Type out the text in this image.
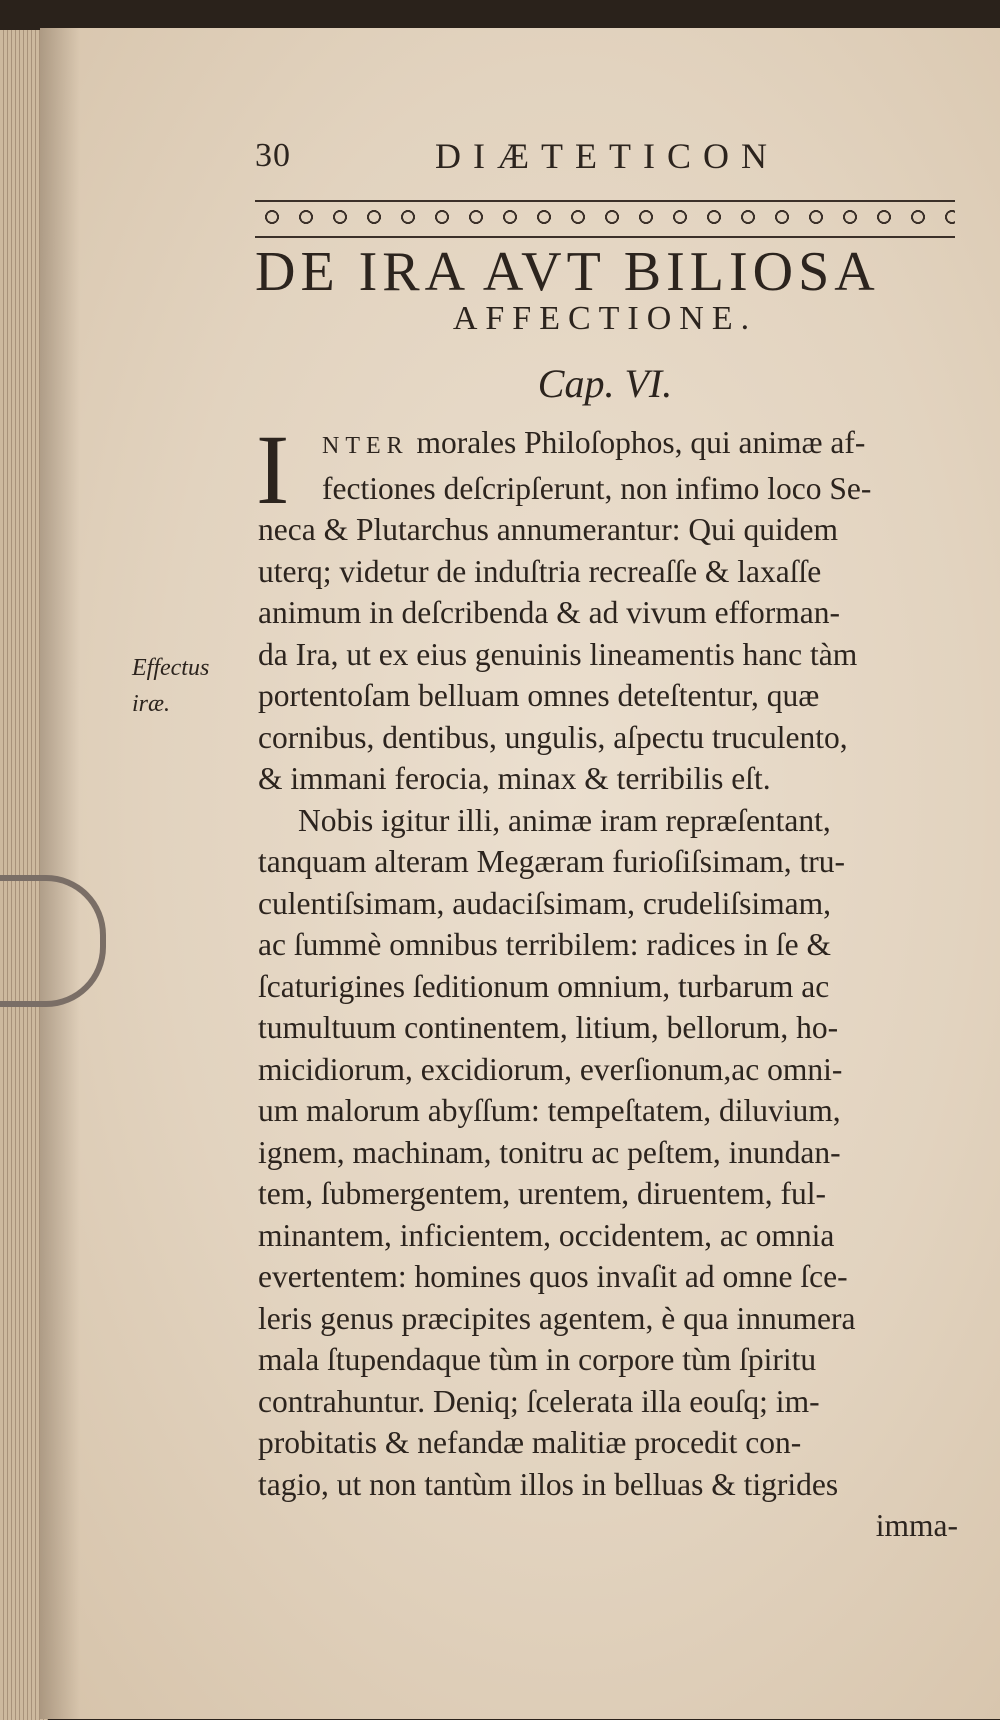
30	DIÆTETICON
DE IRA AVT BILIOSA
AFFECTIONE.
Cap. VI.
Effectus
iræ.
I	NTER morales Philoſophos, qui animæ af-
fectiones deſcripſerunt, non infimo loco Se-
neca & Plutarchus annumerantur: Qui quidem
uterq; videtur de induſtria recreaſſe & laxaſſe
animum in deſcribenda & ad vivum efforman-
da Ira, ut ex eius genuinis lineamentis hanc tàm
portentoſam belluam omnes deteſtentur, quæ
cornibus, dentibus, ungulis, aſpectu truculento,
& immani ferocia, minax & terribilis eſt.
Nobis igitur illi, animæ iram repræſentant,
tanquam alteram Megæram furioſiſsimam, tru-
culentiſsimam, audaciſsimam, crudeliſsimam,
ac ſummè omnibus terribilem: radices in ſe &
ſcaturigines ſeditionum omnium, turbarum ac
tumultuum continentem, litium, bellorum, ho-
micidiorum, excidiorum, everſionum,ac omni-
um malorum abyſſum: tempeſtatem, diluvium,
ignem, machinam, tonitru ac peſtem, inundan-
tem, ſubmergentem, urentem, diruentem, ful-
minantem, inficientem, occidentem, ac omnia
evertentem: homines quos invaſit ad omne ſce-
leris genus præcipites agentem, è qua innumera
mala ſtupendaque tùm in corpore tùm ſpiritu
contrahuntur. Deniq; ſcelerata illa eouſq; im-
probitatis & nefandæ malitiæ procedit con-
tagio, ut non tantùm illos in belluas & tigrides
imma-
